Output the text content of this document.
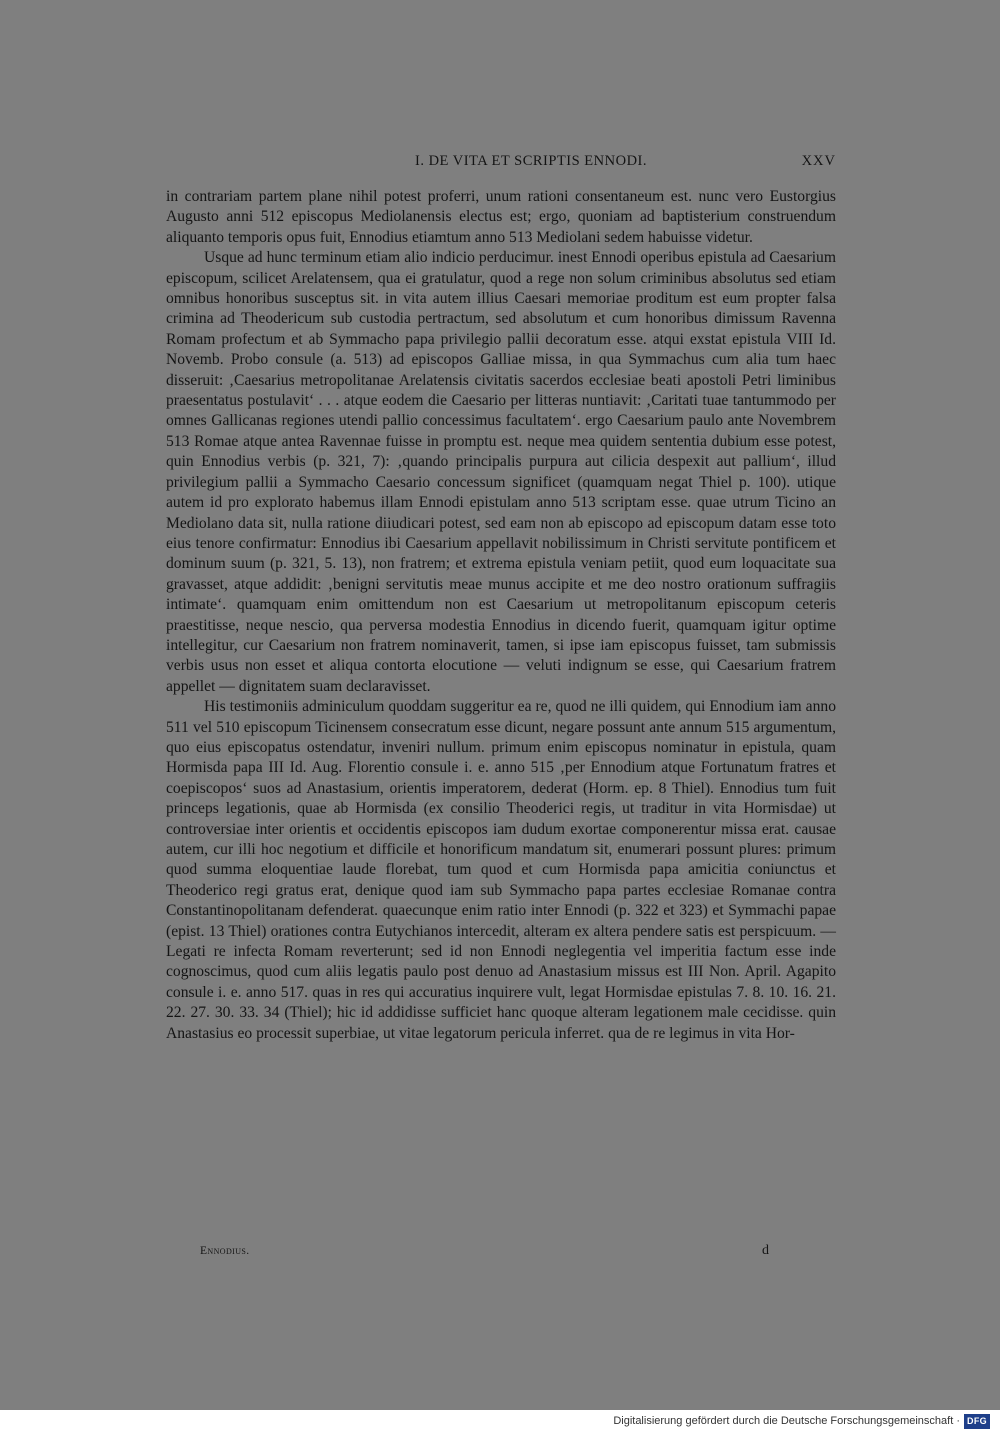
I. DE VITA ET SCRIPTIS ENNODI.	XXV

in contrariam partem plane nihil potest proferri, unum rationi consentaneum est. nunc vero Eustorgius Augusto anni 512 episcopus Mediolanensis electus est; ergo, quoniam ad baptisterium construendum aliquanto temporis opus fuit, Ennodius etiamtum anno 513 Mediolani sedem habuisse videtur.

Usque ad hunc terminum etiam alio indicio perducimur. inest Ennodi operibus epistula ad Caesarium episcopum, scilicet Arelatensem, qua ei gratulatur, quod a rege non solum criminibus absolutus sed etiam omnibus honoribus susceptus sit. in vita autem illius Caesari memoriae proditum est eum propter falsa crimina ad Theodericum sub custodia pertractum, sed absolutum et cum honoribus dimissum Ravenna Romam profectum et ab Symmacho papa privilegio pallii decoratum esse. atqui exstat epistula VIII Id. Novemb. Probo consule (a. 513) ad episcopos Galliae missa, in qua Symmachus cum alia tum haec disseruit: ‚Caesarius metropolitanae Arelatensis civitatis sacerdos ecclesiae beati apostoli Petri liminibus praesentatus postulavit‘ . . . atque eodem die Caesario per litteras nuntiavit: ‚Caritati tuae tantummodo per omnes Gallicanas regiones utendi pallio concessimus facultatem‘. ergo Caesarium paulo ante Novembrem 513 Romae atque antea Ravennae fuisse in promptu est. neque mea quidem sententia dubium esse potest, quin Ennodius verbis (p. 321, 7): ‚quando principalis purpura aut cilicia despexit aut pallium‘, illud privilegium pallii a Symmacho Caesario concessum significet (quamquam negat Thiel p. 100). utique autem id pro explorato habemus illam Ennodi epistulam anno 513 scriptam esse. quae utrum Ticino an Mediolano data sit, nulla ratione diiudicari potest, sed eam non ab episcopo ad episcopum datam esse toto eius tenore confirmatur: Ennodius ibi Caesarium appellavit nobilissimum in Christi servitute pontificem et dominum suum (p. 321, 5. 13), non fratrem; et extrema epistula veniam petiit, quod eum loquacitate sua gravasset, atque addidit: ‚benigni servitutis meae munus accipite et me deo nostro orationum suffragiis intimate‘. quamquam enim omittendum non est Caesarium ut metropolitanum episcopum ceteris praestitisse, neque nescio, qua perversa modestia Ennodius in dicendo fuerit, quamquam igitur optime intellegitur, cur Caesarium non fratrem nominaverit, tamen, si ipse iam episcopus fuisset, tam submissis verbis usus non esset et aliqua contorta elocutione — veluti indignum se esse, qui Caesarium fratrem appellet — dignitatem suam declaravisset.

His testimoniis adminiculum quoddam suggeritur ea re, quod ne illi quidem, qui Ennodium iam anno 511 vel 510 episcopum Ticinensem consecratum esse dicunt, negare possunt ante annum 515 argumentum, quo eius episcopatus ostendatur, inveniri nullum. primum enim episcopus nominatur in epistula, quam Hormisda papa III Id. Aug. Florentio consule i. e. anno 515 ‚per Ennodium atque Fortunatum fratres et coepiscopos‘ suos ad Anastasium, orientis imperatorem, dederat (Horm. ep. 8 Thiel). Ennodius tum fuit princeps legationis, quae ab Hormisda (ex consilio Theoderici regis, ut traditur in vita Hormisdae) ut controversiae inter orientis et occidentis episcopos iam dudum exortae componerentur missa erat. causae autem, cur illi hoc negotium et difficile et honorificum mandatum sit, enumerari possunt plures: primum quod summa eloquentiae laude florebat, tum quod et cum Hormisda papa amicitia coniunctus et Theoderico regi gratus erat, denique quod iam sub Symmacho papa partes ecclesiae Romanae contra Constantinopolitanam defenderat. quaecunque enim ratio inter Ennodi (p. 322 et 323) et Symmachi papae (epist. 13 Thiel) orationes contra Eutychianos intercedit, alteram ex altera pendere satis est perspicuum. — Legati re infecta Romam reverterunt; sed id non Ennodi neglegentia vel imperitia factum esse inde cognoscimus, quod cum aliis legatis paulo post denuo ad Anastasium missus est III Non. April. Agapito consule i. e. anno 517. quas in res qui accuratius inquirere vult, legat Hormisdae epistulas 7. 8. 10. 16. 21. 22. 27. 30. 33. 34 (Thiel); hic id addidisse sufficiet hanc quoque alteram legationem male cecidisse. quin Anastasius eo processit superbiae, ut vitae legatorum pericula inferret. qua de re legimus in vita Hor-

Ennodius.	d
Digitalisierung gefördert durch die Deutsche Forschungsgemeinschaft · DFG
